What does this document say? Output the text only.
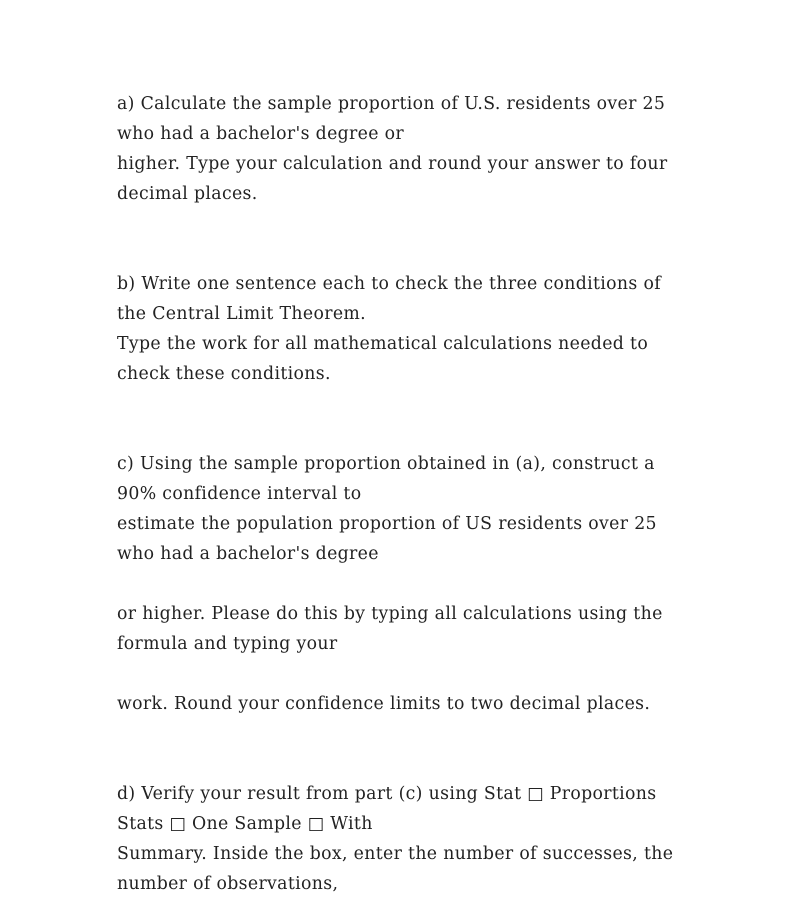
a) Calculate the sample proportion of U.S. residents over 25
who had a bachelor's degree or
higher. Type your calculation and round your answer to four
decimal places.
b) Write one sentence each to check the three conditions of
the Central Limit Theorem.
Type the work for all mathematical calculations needed to
check these conditions.
c) Using the sample proportion obtained in (a), construct a
90% confidence interval to
estimate the population proportion of US residents over 25
who had a bachelor's degree
or higher. Please do this by typing all calculations using the
formula and typing your
work. Round your confidence limits to two decimal places.
d) Verify your result from part (c) using Stat □ Proportions
Stats □ One Sample □ With
Summary. Inside the box, enter the number of successes, the
number of observations,
